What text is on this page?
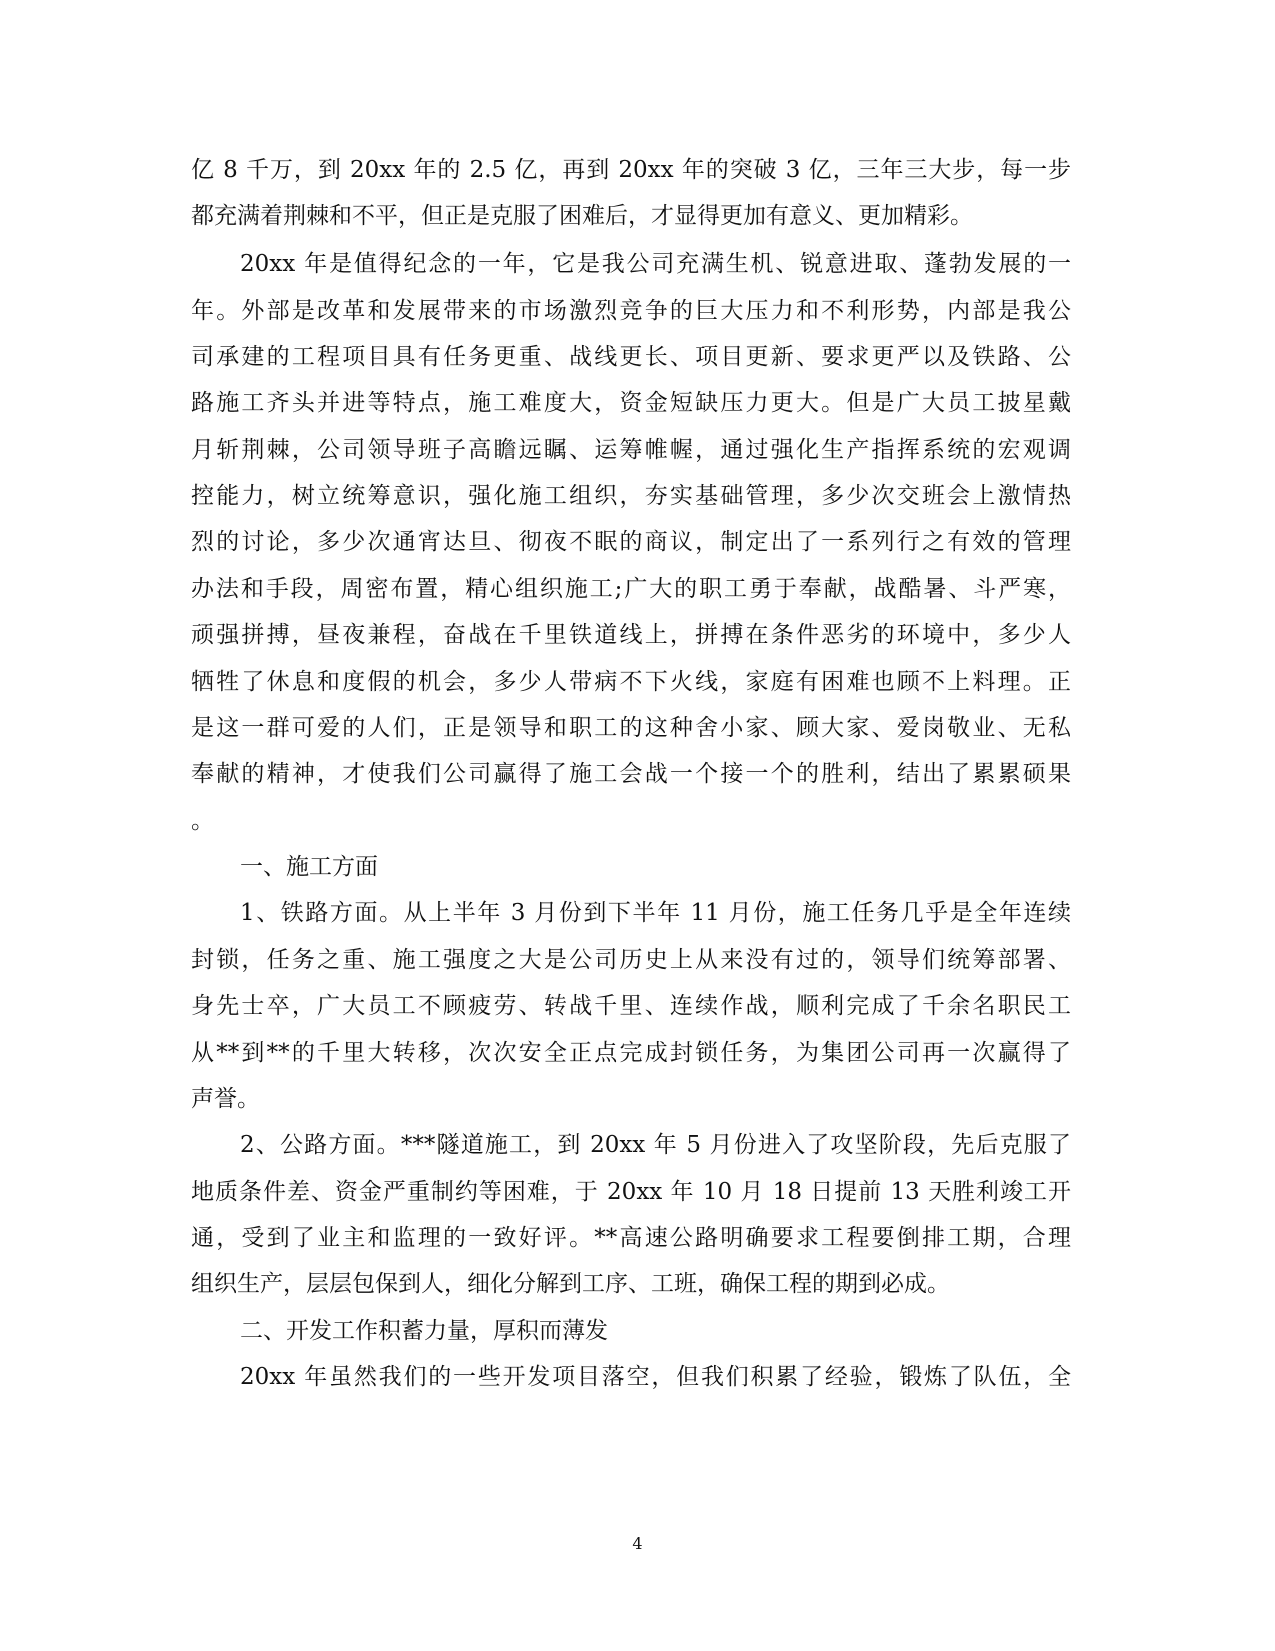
亿 8 千万，到 20xx 年的 2.5 亿，再到 20xx 年的突破 3 亿，三年三大步，每一步
都充满着荆棘和不平，但正是克服了困难后，才显得更加有意义、更加精彩。
20xx 年是值得纪念的一年，它是我公司充满生机、锐意进取、蓬勃发展的一
年。外部是改革和发展带来的市场激烈竞争的巨大压力和不利形势，内部是我公
司承建的工程项目具有任务更重、战线更长、项目更新、要求更严以及铁路、公
路施工齐头并进等特点，施工难度大，资金短缺压力更大。但是广大员工披星戴
月斩荆棘，公司领导班子高瞻远瞩、运筹帷幄，通过强化生产指挥系统的宏观调
控能力，树立统筹意识，强化施工组织，夯实基础管理，多少次交班会上激情热
烈的讨论，多少次通宵达旦、彻夜不眠的商议，制定出了一系列行之有效的管理
办法和手段，周密布置，精心组织施工;广大的职工勇于奉献，战酷暑、斗严寒，
顽强拼搏，昼夜兼程，奋战在千里铁道线上，拼搏在条件恶劣的环境中，多少人
牺牲了休息和度假的机会，多少人带病不下火线，家庭有困难也顾不上料理。正
是这一群可爱的人们，正是领导和职工的这种舍小家、顾大家、爱岗敬业、无私
奉献的精神，才使我们公司赢得了施工会战一个接一个的胜利，结出了累累硕果
。
一、施工方面
1、铁路方面。从上半年 3 月份到下半年 11 月份，施工任务几乎是全年连续
封锁，任务之重、施工强度之大是公司历史上从来没有过的，领导们统筹部署、
身先士卒，广大员工不顾疲劳、转战千里、连续作战，顺利完成了千余名职民工
从**到**的千里大转移，次次安全正点完成封锁任务，为集团公司再一次赢得了
声誉。
2、公路方面。***隧道施工，到 20xx 年 5 月份进入了攻坚阶段，先后克服了
地质条件差、资金严重制约等困难，于 20xx 年 10 月 18 日提前 13 天胜利竣工开
通，受到了业主和监理的一致好评。**高速公路明确要求工程要倒排工期，合理
组织生产，层层包保到人，细化分解到工序、工班，确保工程的期到必成。
二、开发工作积蓄力量，厚积而薄发
20xx 年虽然我们的一些开发项目落空，但我们积累了经验，锻炼了队伍，全
4
